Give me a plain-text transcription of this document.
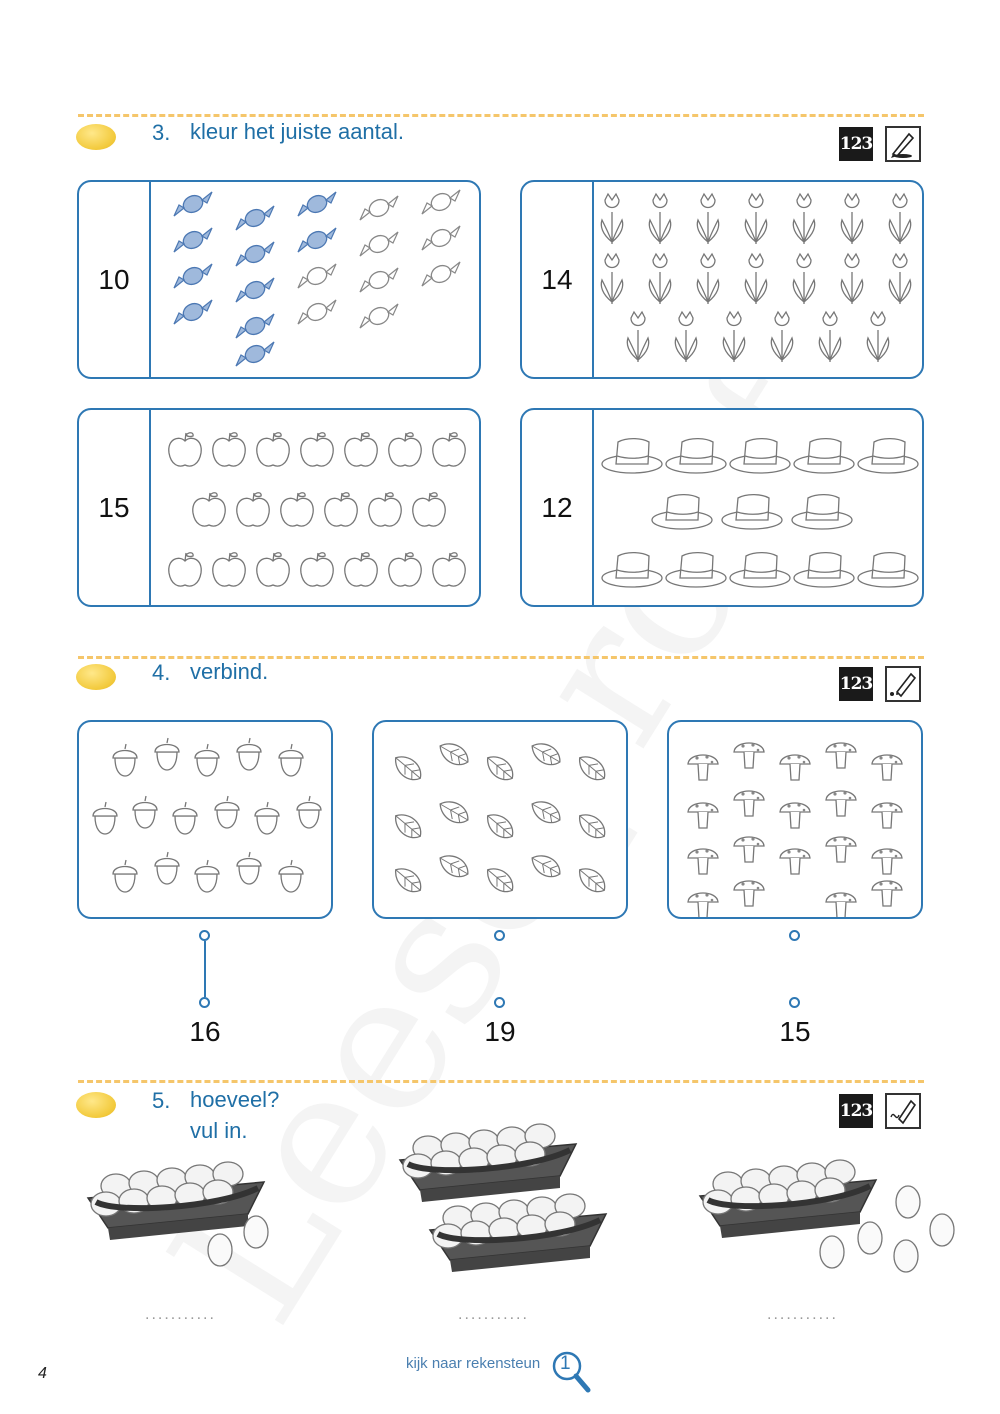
3. kleur het juiste aantal.	123
10	14
15	12
4. verbind.	123
16	19	15
5. hoeveel?
vul in.
123
...........	...........	...........
kijk naar rekensteun 1
4
